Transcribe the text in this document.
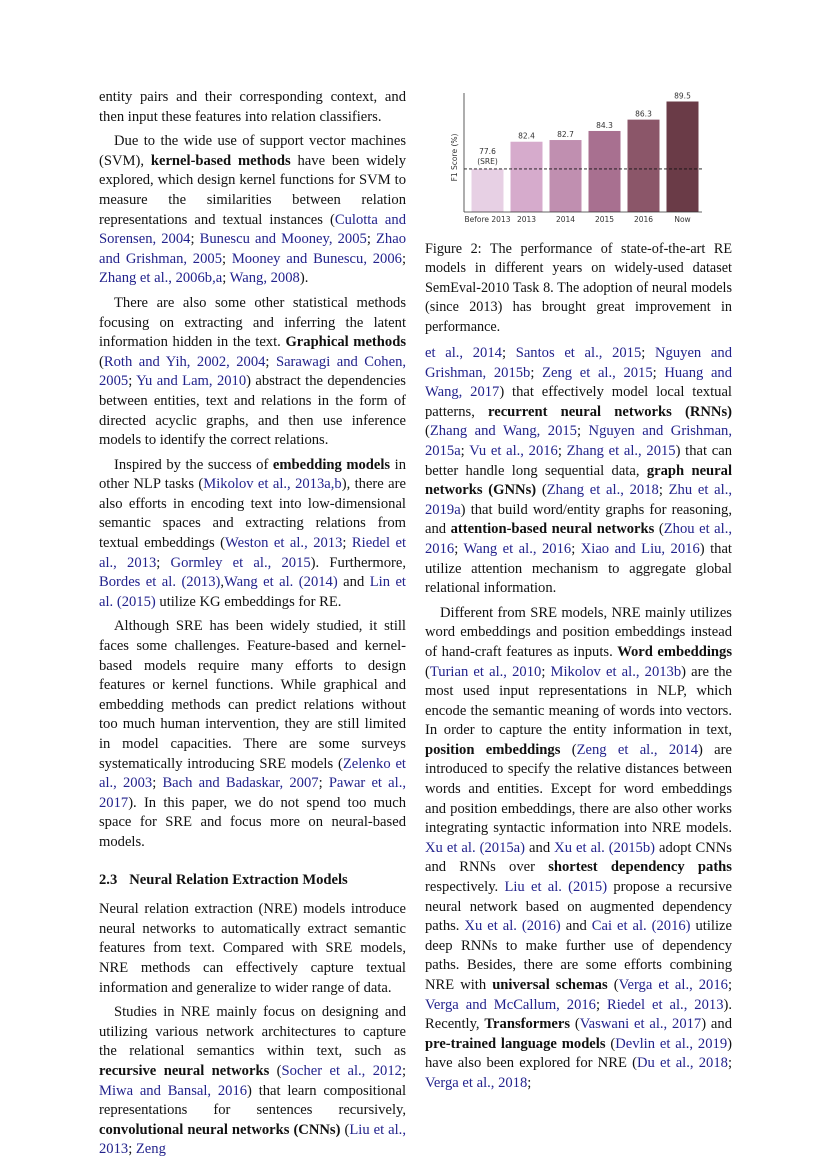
77.6
Before 2013
(SRE)
82.4
2013
82.7
2014
84.3
2015
86.3
2016
89.5
Now
F1 Score (%)
Figure 2: The performance of state-of-the-art RE models in different years on widely-used dataset SemEval-2010 Task 8. The adoption of neural models (since 2013) has brought great improvement in performance.

entity pairs and their corresponding context, and then input these features into relation classifiers.

Due to the wide use of support vector machines (SVM), kernel-based methods have been widely explored, which design kernel functions for SVM to measure the similarities between relation representations and textual instances (Culotta and Sorensen, 2004; Bunescu and Mooney, 2005; Zhao and Grishman, 2005; Mooney and Bunescu, 2006; Zhang et al., 2006b,a; Wang, 2008).

There are also some other statistical methods focusing on extracting and inferring the latent information hidden in the text. Graphical methods (Roth and Yih, 2002, 2004; Sarawagi and Cohen, 2005; Yu and Lam, 2010) abstract the dependencies between entities, text and relations in the form of directed acyclic graphs, and then use inference models to identify the correct relations.

Inspired by the success of embedding models in other NLP tasks (Mikolov et al., 2013a,b), there are also efforts in encoding text into low-dimensional semantic spaces and extracting relations from textual embeddings (Weston et al., 2013; Riedel et al., 2013; Gormley et al., 2015). Furthermore, Bordes et al. (2013),Wang et al. (2014) and Lin et al. (2015) utilize KG embeddings for RE.

Although SRE has been widely studied, it still faces some challenges. Feature-based and kernel-based models require many efforts to design features or kernel functions. While graphical and embedding methods can predict relations without too much human intervention, they are still limited in model capacities. There are some surveys systematically introducing SRE models (Zelenko et al., 2003; Bach and Badaskar, 2007; Pawar et al., 2017). In this paper, we do not spend too much space for SRE and focus more on neural-based models.

2.3 Neural Relation Extraction Models

Neural relation extraction (NRE) models introduce neural networks to automatically extract semantic features from text. Compared with SRE models, NRE methods can effectively capture textual information and generalize to wider range of data.

Studies in NRE mainly focus on designing and utilizing various network architectures to capture the relational semantics within text, such as recursive neural networks (Socher et al., 2012; Miwa and Bansal, 2016) that learn compositional representations for sentences recursively, convolutional neural networks (CNNs) (Liu et al., 2013; Zeng

et al., 2014; Santos et al., 2015; Nguyen and Grishman, 2015b; Zeng et al., 2015; Huang and Wang, 2017) that effectively model local textual patterns, recurrent neural networks (RNNs) (Zhang and Wang, 2015; Nguyen and Grishman, 2015a; Vu et al., 2016; Zhang et al., 2015) that can better handle long sequential data, graph neural networks (GNNs) (Zhang et al., 2018; Zhu et al., 2019a) that build word/entity graphs for reasoning, and attention-based neural networks (Zhou et al., 2016; Wang et al., 2016; Xiao and Liu, 2016) that utilize attention mechanism to aggregate global relational information.

Different from SRE models, NRE mainly utilizes word embeddings and position embeddings instead of hand-craft features as inputs. Word embeddings (Turian et al., 2010; Mikolov et al., 2013b) are the most used input representations in NLP, which encode the semantic meaning of words into vectors. In order to capture the entity information in text, position embeddings (Zeng et al., 2014) are introduced to specify the relative distances between words and entities. Except for word embeddings and position embeddings, there are also other works integrating syntactic information into NRE models. Xu et al. (2015a) and Xu et al. (2015b) adopt CNNs and RNNs over shortest dependency paths respectively. Liu et al. (2015) propose a recursive neural network based on augmented dependency paths. Xu et al. (2016) and Cai et al. (2016) utilize deep RNNs to make further use of dependency paths. Besides, there are some efforts combining NRE with universal schemas (Verga et al., 2016; Verga and McCallum, 2016; Riedel et al., 2013). Recently, Transformers (Vaswani et al., 2017) and pre-trained language models (Devlin et al., 2019) have also been explored for NRE (Du et al., 2018; Verga et al., 2018;
